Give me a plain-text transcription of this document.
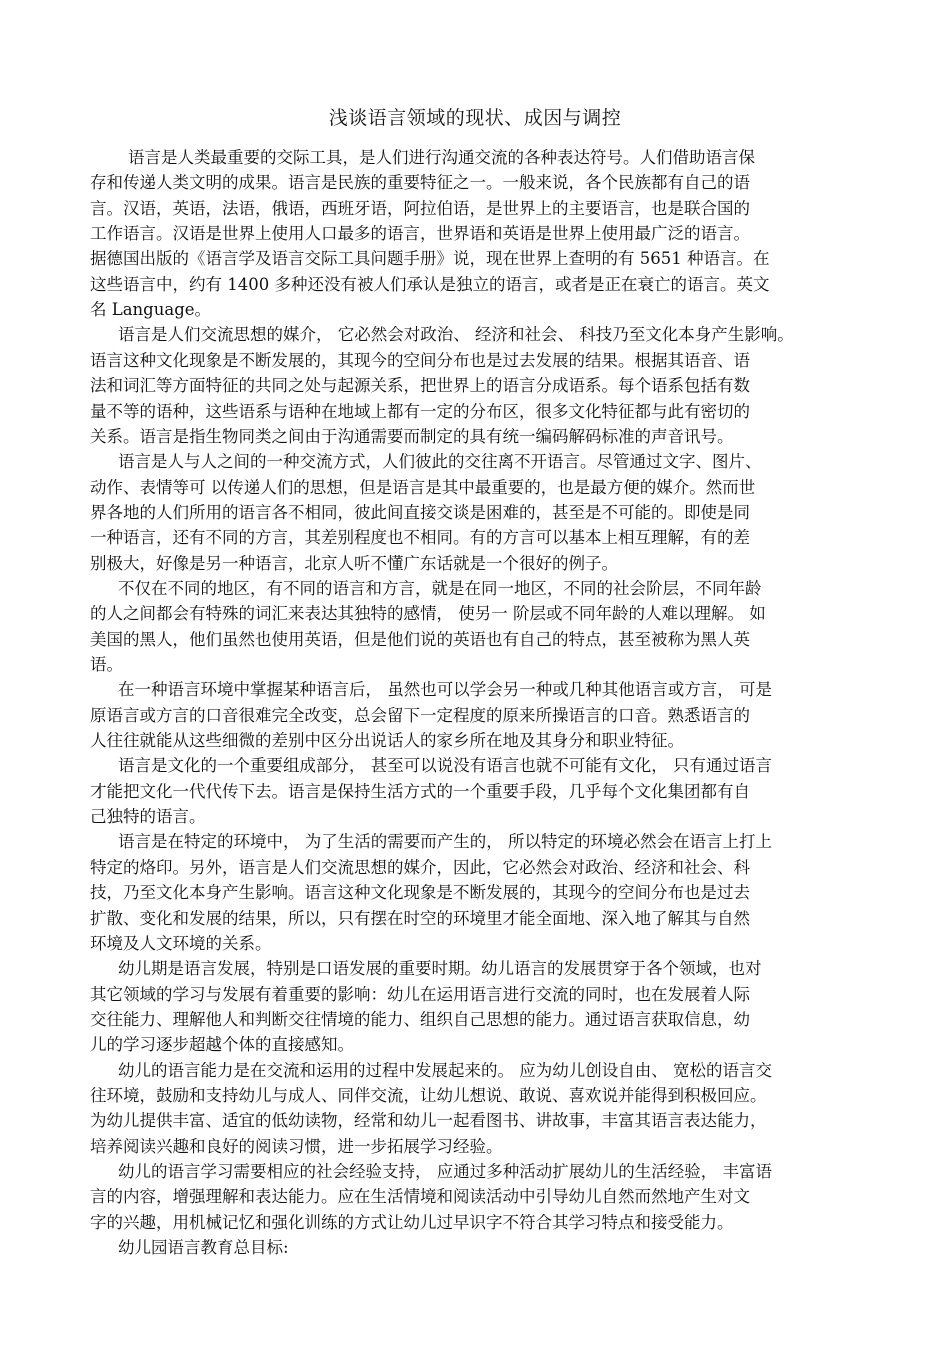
浅谈语言领域的现状、成因与调控
语言是人类最重要的交际工具，是人们进行沟通交流的各种表达符号。人们借助语言保
存和传递人类文明的成果。语言是民族的重要特征之一。一般来说，各个民族都有自己的语
言。汉语，英语，法语，俄语，西班牙语，阿拉伯语，是世界上的主要语言，也是联合国的
工作语言。汉语是世界上使用人口最多的语言，世界语和英语是世界上使用最广泛的语言。
据德国出版的《语言学及语言交际工具问题手册》说，现在世界上查明的有 5651 种语言。在
这些语言中，约有 1400 多种还没有被人们承认是独立的语言，或者是正在衰亡的语言。英文
名 Language。
语言是人们交流思想的媒介， 它必然会对政治、 经济和社会、 科技乃至文化本身产生影响。
语言这种文化现象是不断发展的，其现今的空间分布也是过去发展的结果。根据其语音、语
法和词汇等方面特征的共同之处与起源关系，把世界上的语言分成语系。每个语系包括有数
量不等的语种，这些语系与语种在地域上都有一定的分布区，很多文化特征都与此有密切的
关系。语言是指生物同类之间由于沟通需要而制定的具有统一编码解码标准的声音讯号。
语言是人与人之间的一种交流方式，人们彼此的交往离不开语言。尽管通过文字、图片、
动作、表情等可 以传递人们的思想，但是语言是其中最重要的，也是最方便的媒介。然而世
界各地的人们所用的语言各不相同，彼此间直接交谈是困难的，甚至是不可能的。即使是同
一种语言，还有不同的方言，其差别程度也不相同。有的方言可以基本上相互理解，有的差
别极大，好像是另一种语言，北京人听不懂广东话就是一个很好的例子。
不仅在不同的地区，有不同的语言和方言，就是在同一地区，不同的社会阶层，不同年龄
的人之间都会有特殊的词汇来表达其独特的感情， 使另一 阶层或不同年龄的人难以理解。 如
美国的黑人，他们虽然也使用英语，但是他们说的英语也有自己的特点，甚至被称为黑人英
语。
在一种语言环境中掌握某种语言后， 虽然也可以学会另一种或几种其他语言或方言， 可是
原语言或方言的口音很难完全改变，总会留下一定程度的原来所操语言的口音。熟悉语言的
人往往就能从这些细微的差别中区分出说话人的家乡所在地及其身分和职业特征。
语言是文化的一个重要组成部分， 甚至可以说没有语言也就不可能有文化， 只有通过语言
才能把文化一代代传下去。语言是保持生活方式的一个重要手段，几乎每个文化集团都有自
己独特的语言。
语言是在特定的环境中， 为了生活的需要而产生的， 所以特定的环境必然会在语言上打上
特定的烙印。另外，语言是人们交流思想的媒介，因此，它必然会对政治、经济和社会、科
技，乃至文化本身产生影响。语言这种文化现象是不断发展的，其现今的空间分布也是过去
扩散、变化和发展的结果，所以，只有摆在时空的环境里才能全面地、深入地了解其与自然
环境及人文环境的关系。
幼儿期是语言发展，特别是口语发展的重要时期。幼儿语言的发展贯穿于各个领域，也对
其它领域的学习与发展有着重要的影响：幼儿在运用语言进行交流的同时，也在发展着人际
交往能力、理解他人和判断交往情境的能力、组织自己思想的能力。通过语言获取信息，幼
儿的学习逐步超越个体的直接感知。
幼儿的语言能力是在交流和运用的过程中发展起来的。 应为幼儿创设自由、 宽松的语言交
往环境，鼓励和支持幼儿与成人、同伴交流，让幼儿想说、敢说、喜欢说并能得到积极回应。
为幼儿提供丰富、适宜的低幼读物，经常和幼儿一起看图书、讲故事，丰富其语言表达能力，
培养阅读兴趣和良好的阅读习惯，进一步拓展学习经验。
幼儿的语言学习需要相应的社会经验支持， 应通过多种活动扩展幼儿的生活经验， 丰富语
言的内容，增强理解和表达能力。应在生活情境和阅读活动中引导幼儿自然而然地产生对文
字的兴趣，用机械记忆和强化训练的方式让幼儿过早识字不符合其学习特点和接受能力。
幼儿园语言教育总目标:
